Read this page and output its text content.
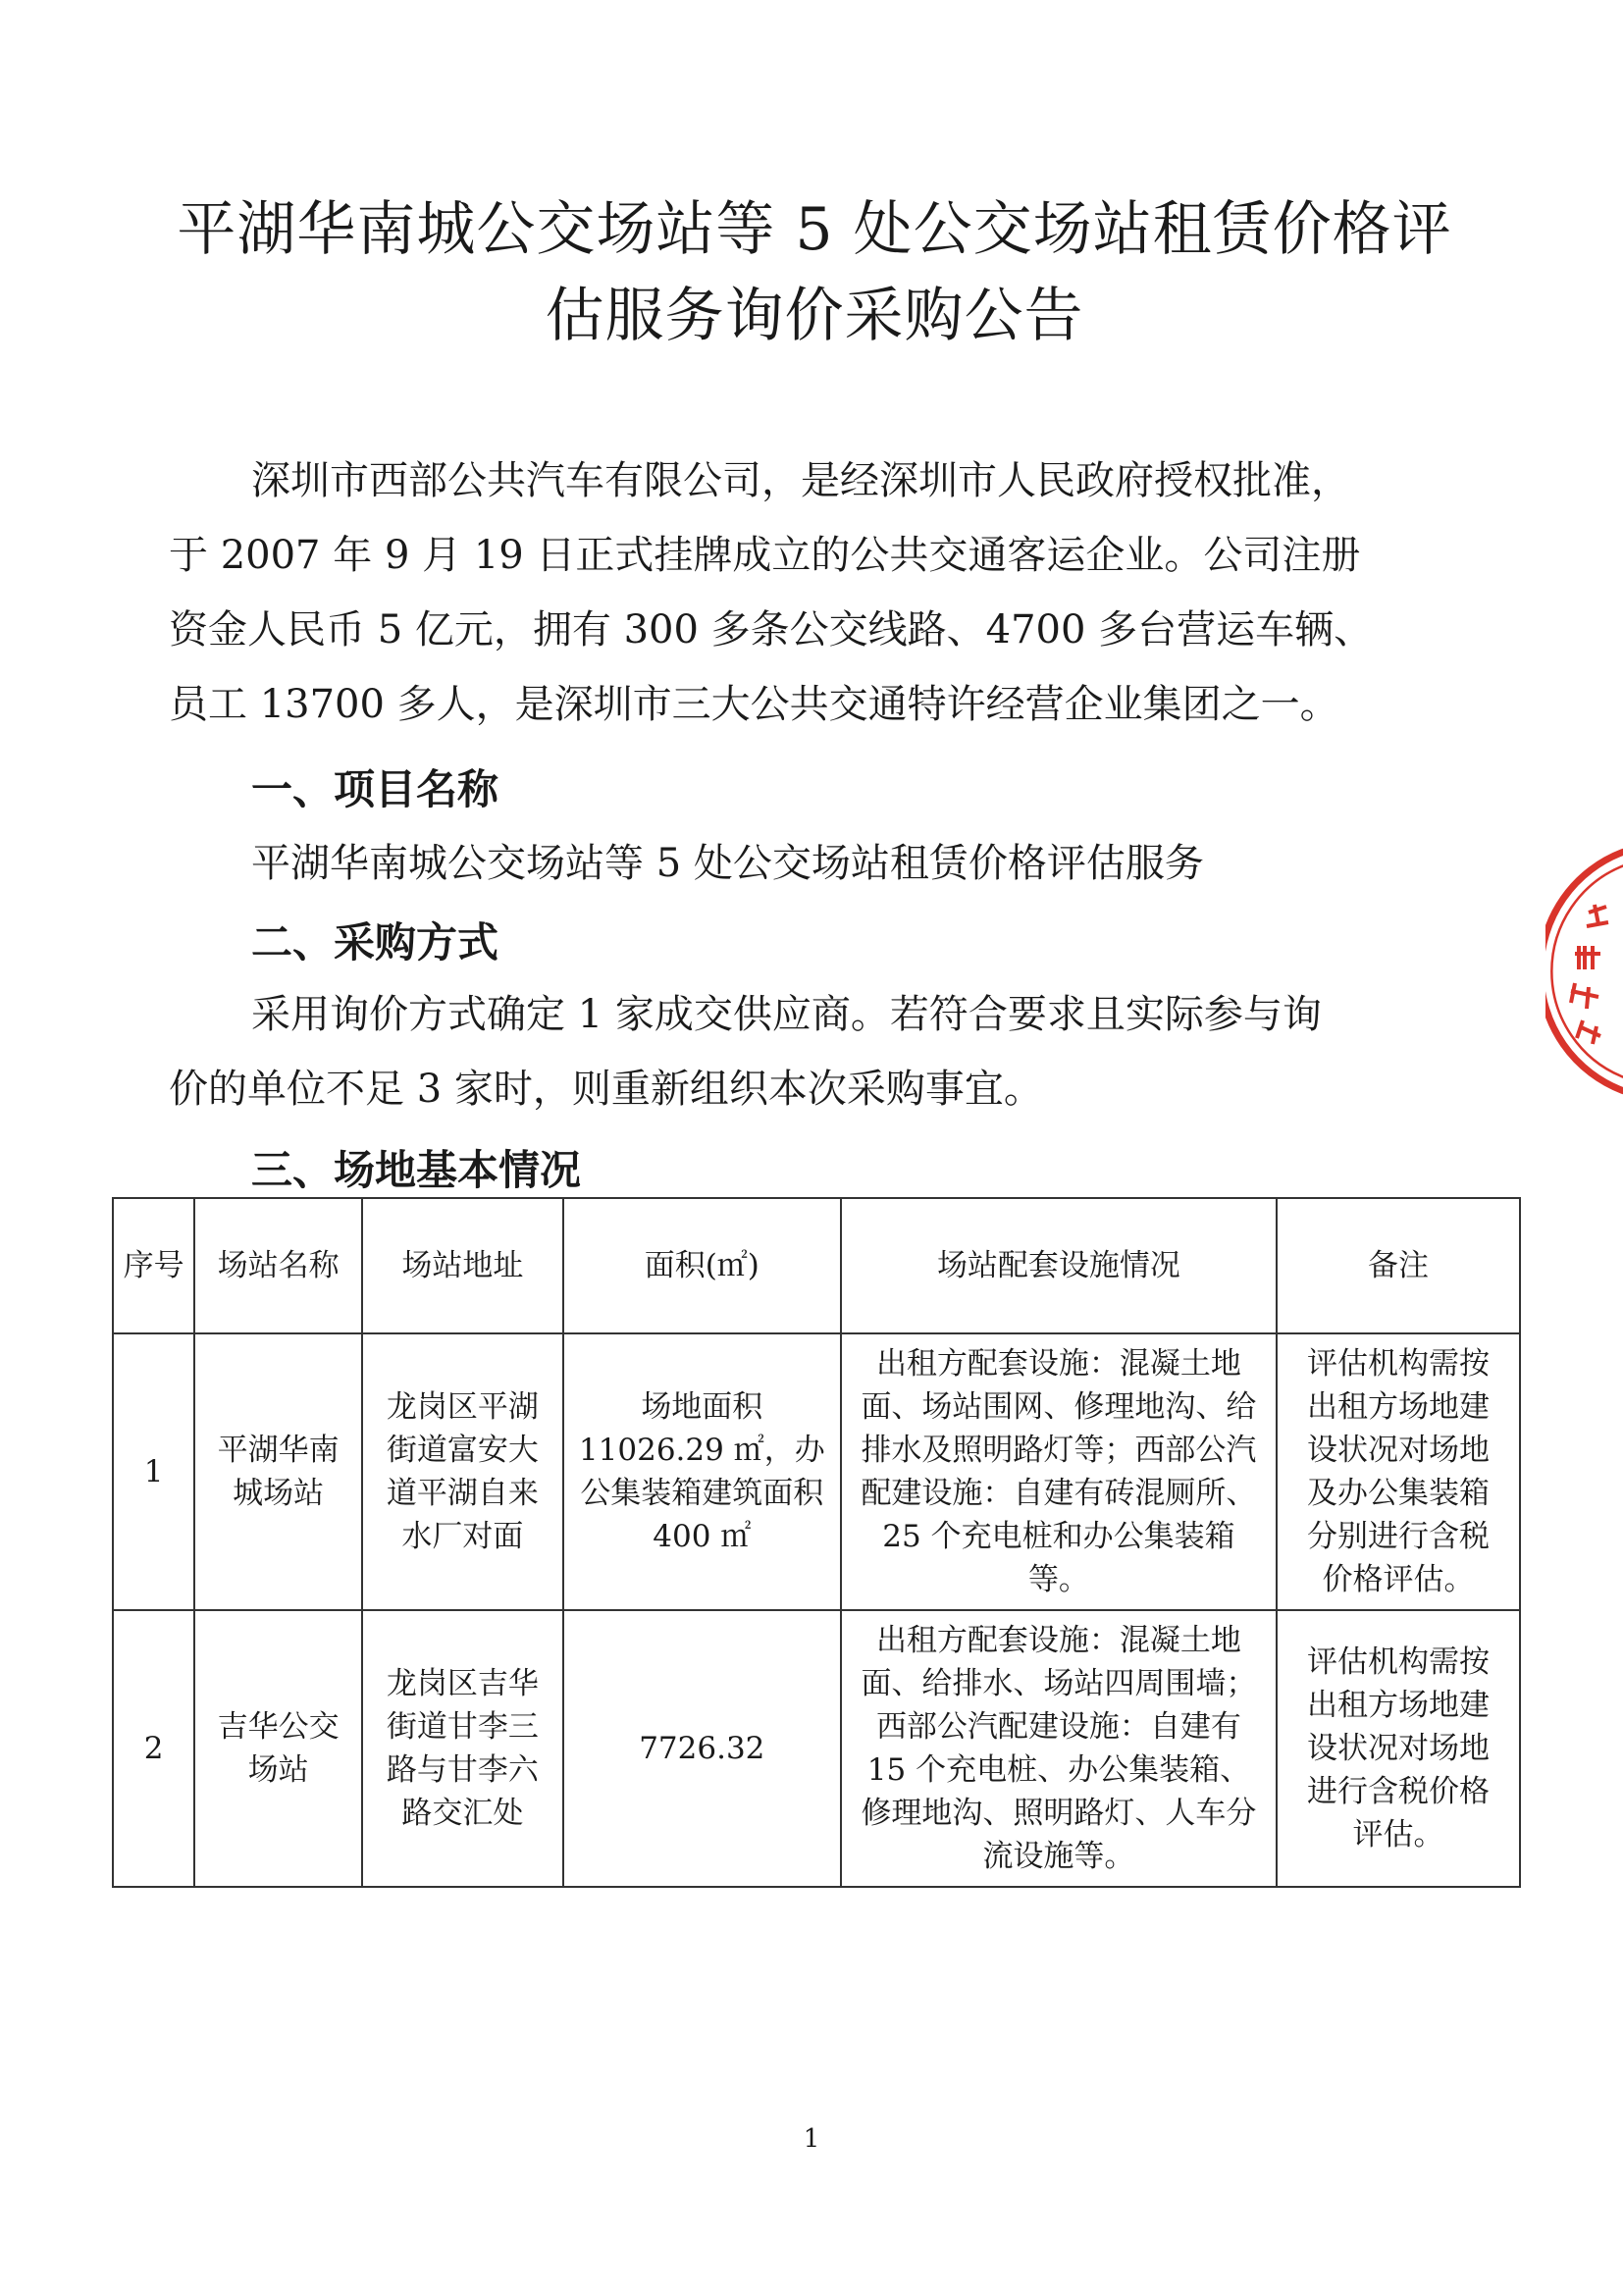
平湖华南城公交场站等 5 处公交场站租赁价格评
估服务询价采购公告
深圳市西部公共汽车有限公司，是经深圳市人民政府授权批准，
于 2007 年 9 月 19 日正式挂牌成立的公共交通客运企业。公司注册
资金人民币 5 亿元，拥有 300 多条公交线路、4700 多台营运车辆、
员工 13700 多人，是深圳市三大公共交通特许经营企业集团之一。
一、项目名称
平湖华南城公交场站等 5 处公交场站租赁价格评估服务
二、采购方式
采用询价方式确定 1 家成交供应商。若符合要求且实际参与询
价的单位不足 3 家时，则重新组织本次采购事宜。
三、场地基本情况
序号	场站名称	场站地址	面积(㎡)	场站配套设施情况	备注
1	平湖华南城场站	龙岗区平湖街道富安大道平湖自来水厂对面	场地面积 11026.29 ㎡，办公集装箱建筑面积 400 ㎡	出租方配套设施：混凝土地面、场站围网、修理地沟、给排水及照明路灯等；西部公汽配建设施：自建有砖混厕所、25 个充电桩和办公集装箱等。	评估机构需按出租方场地建设状况对场地及办公集装箱分别进行含税价格评估。
2	吉华公交场站	龙岗区吉华街道甘李三路与甘李六路交汇处	7726.32	出租方配套设施：混凝土地面、给排水、场站四周围墙；西部公汽配建设施：自建有 15 个充电桩、办公集装箱、修理地沟、照明路灯、人车分流设施等。	评估机构需按出租方场地建设状况对场地进行含税价格评估。
1
